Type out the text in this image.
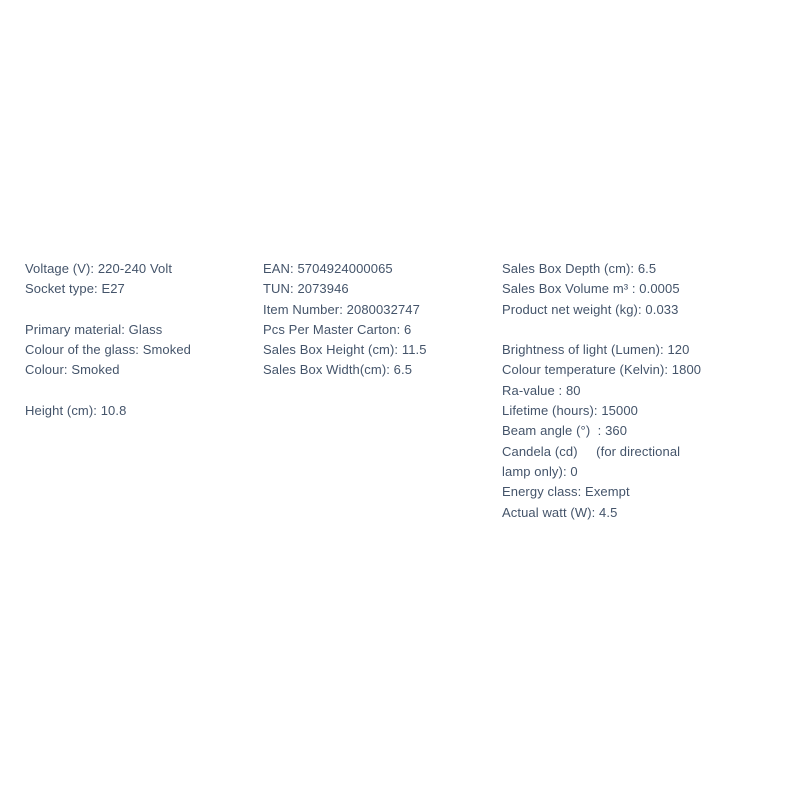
Voltage (V): 220-240 Volt
Socket type: E27
Primary material: Glass
Colour of the glass: Smoked
Colour: Smoked
Height (cm): 10.8
EAN: 5704924000065
TUN: 2073946
Item Number: 2080032747
Pcs Per Master Carton: 6
Sales Box Height (cm): 11.5
Sales Box Width(cm): 6.5
Sales Box Depth (cm): 6.5
Sales Box Volume m³ : 0.0005
Product net weight (kg): 0.033
Brightness of light (Lumen): 120
Colour temperature (Kelvin): 1800
Ra-value : 80
Lifetime (hours): 15000
Beam angle (°)  : 360
Candela (cd)     (for directional
lamp only): 0
Energy class: Exempt
Actual watt (W): 4.5
